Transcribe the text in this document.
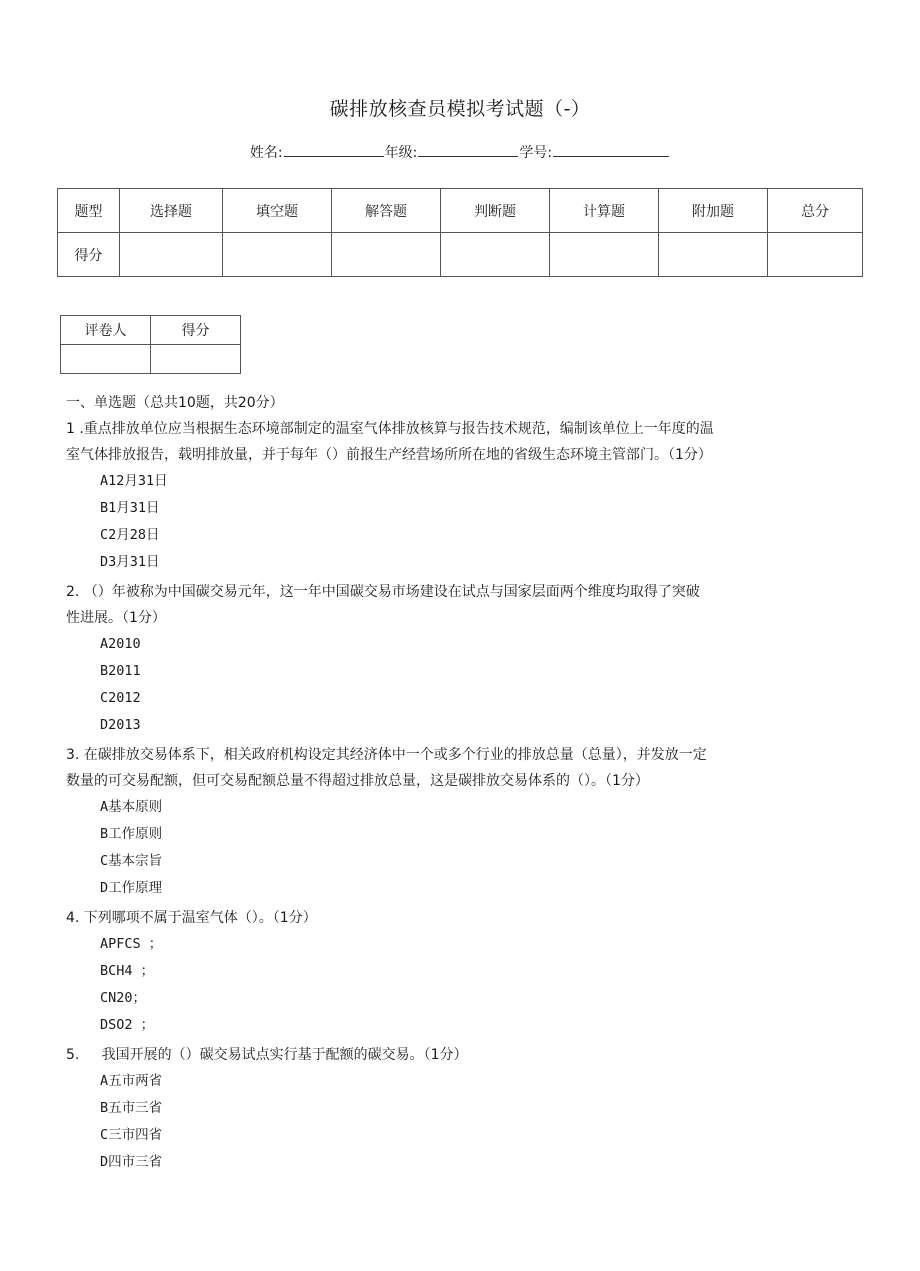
碳排放核查员模拟考试题（-）
姓名:	年级:	学号:
题型	选择题	填空题	解答题	判断题	计算题	附加题	总分
得分							
评卷人	得分

一、单选题（总共10题，共20分）
1 .重点排放单位应当根据生态环境部制定的温室气体排放核算与报告技术规范，编制该单位上一年度的温
室气体排放报告，载明排放量，并于每年（）前报生产经营场所所在地的省级生态环境主管部门。（1分）
A12月31日
B1月31日
C2月28日
D3月31日
2. （）年被称为中国碳交易元年，这一年中国碳交易市场建设在试点与国家层面两个维度均取得了突破
性进展。（1分）
A2010
B2011
C2012
D2013
3. 在碳排放交易体系下，相关政府机构设定其经济体中一个或多个行业的排放总量（总量），并发放一定
数量的可交易配额，但可交易配额总量不得超过排放总量，这是碳排放交易体系的（）。（1分）
A基本原则
B工作原则
C基本宗旨
D工作原理
4. 下列哪项不属于温室气体（）。（1分）
APFCS ；
BCH4 ；
CN20；
DSO2 ；
5.     我国开展的（）碳交易试点实行基于配额的碳交易。（1分）
A五市两省
B五市三省
C三市四省
D四市三省
